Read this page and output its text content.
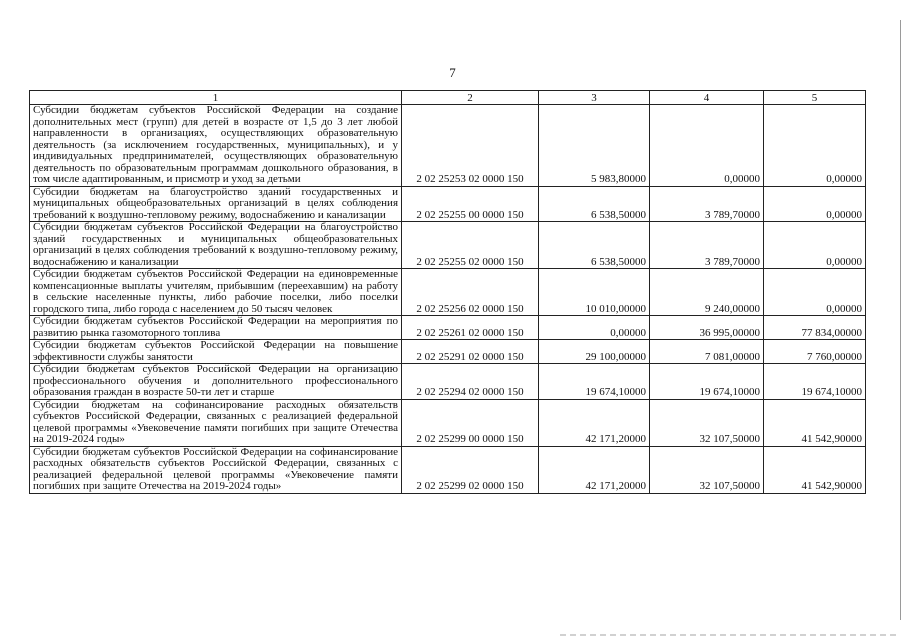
7
1	2	3	4	5
Субсидии бюджетам субъектов Российской Федерации на создание дополнительных мест (групп) для детей в возрасте от 1,5 до 3 лет любой направленности в организациях, осуществляющих образовательную деятельность (за исключением государственных, муниципальных), и у индивидуальных предпринимателей, осуществляющих образовательную деятельность по образовательным программам дошкольного образования, в том числе адаптированным, и присмотр и уход за детьми	2 02 25253 02 0000 150	5 983,80000	0,00000	0,00000
Субсидии бюджетам на благоустройство зданий государственных и муниципальных общеобразовательных организаций в целях соблюдения требований к воздушно-тепловому режиму, водоснабжению и канализации	2 02 25255 00 0000 150	6 538,50000	3 789,70000	0,00000
Субсидии бюджетам субъектов Российской Федерации на благоустройство зданий государственных и муниципальных общеобразовательных организаций в целях соблюдения требований к воздушно-тепловому режиму, водоснабжению и канализации	2 02 25255 02 0000 150	6 538,50000	3 789,70000	0,00000
Субсидии бюджетам субъектов Российской Федерации на единовременные компенсационные выплаты учителям, прибывшим (переехавшим) на работу в сельские населенные пункты, либо рабочие поселки, либо поселки городского типа, либо города с населением до 50 тысяч человек	2 02 25256 02 0000 150	10 010,00000	9 240,00000	0,00000
Субсидии бюджетам субъектов Российской Федерации на мероприятия по развитию рынка газомоторного топлива	2 02 25261 02 0000 150	0,00000	36 995,00000	77 834,00000
Субсидии бюджетам субъектов Российской Федерации на повышение эффективности службы занятости	2 02 25291 02 0000 150	29 100,00000	7 081,00000	7 760,00000
Субсидии бюджетам субъектов Российской Федерации на организацию профессионального обучения и дополнительного профессионального образования граждан в возрасте 50-ти лет и старше	2 02 25294 02 0000 150	19 674,10000	19 674,10000	19 674,10000
Субсидии бюджетам на софинансирование расходных обязательств субъектов Российской Федерации, связанных с реализацией федеральной целевой программы «Увековечение памяти погибших при защите Отечества на 2019-2024 годы»	2 02 25299 00 0000 150	42 171,20000	32 107,50000	41 542,90000
Субсидии бюджетам субъектов Российской Федерации на софинансирование расходных обязательств субъектов Российской Федерации, связанных с реализацией федеральной целевой программы «Увековечение памяти погибших при защите Отечества на 2019-2024 годы»	2 02 25299 02 0000 150	42 171,20000	32 107,50000	41 542,90000
